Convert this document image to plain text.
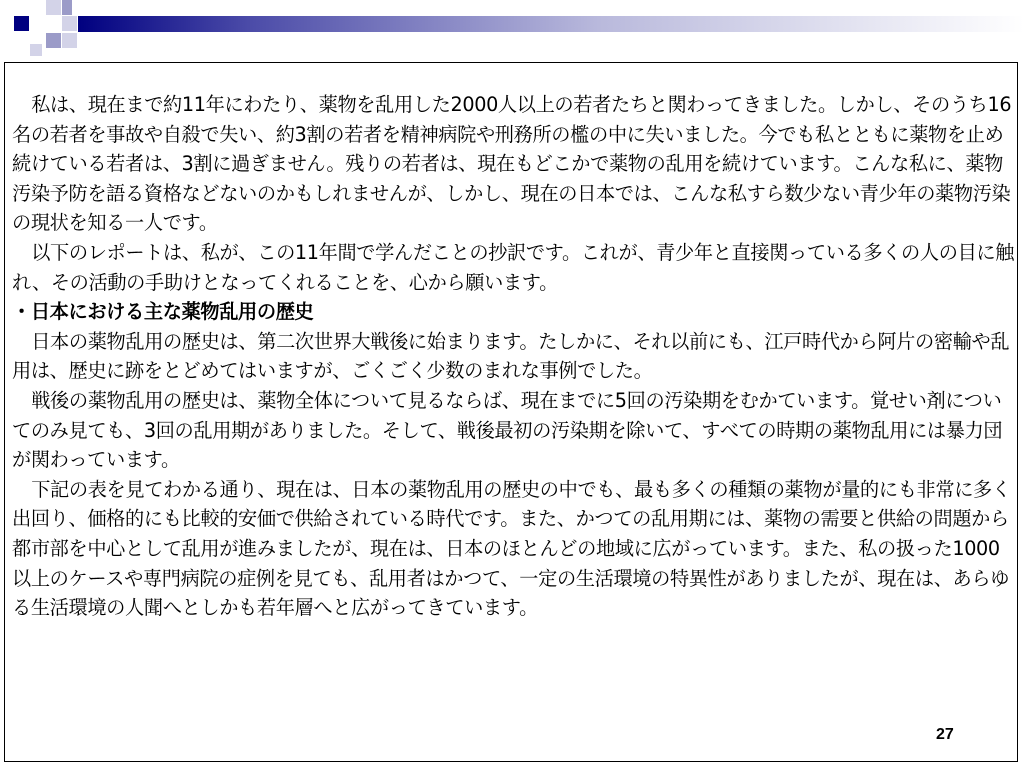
私は、現在まで約11年にわたり、薬物を乱用した2000人以上の若者たちと関わってきました。しかし、そのうち16名の若者を事故や自殺で失い、約3割の若者を精神病院や刑務所の檻の中に失いました。今でも私とともに薬物を止め続けている若者は、3割に過ぎません。残りの若者は、現在もどこかで薬物の乱用を続けています。こんな私に、薬物汚染予防を語る資格などないのかもしれませんが、しかし、現在の日本では、こんな私すら数少ない青少年の薬物汚染の現状を知る一人です。

以下のレポートは、私が、この11年間で学んだことの抄訳です。これが、青少年と直接関っている多くの人の目に触れ、その活動の手助けとなってくれることを、心から願います。

・日本における主な薬物乱用の歴史

日本の薬物乱用の歴史は、第二次世界大戦後に始まります。たしかに、それ以前にも、江戸時代から阿片の密輸や乱用は、歴史に跡をとどめてはいますが、ごくごく少数のまれな事例でした。

戦後の薬物乱用の歴史は、薬物全体について見るならば、現在までに5回の汚染期をむかています。覚せい剤についてのみ見ても、3回の乱用期がありました。そして、戦後最初の汚染期を除いて、すべての時期の薬物乱用には暴力団が関わっています。

下記の表を見てわかる通り、現在は、日本の薬物乱用の歴史の中でも、最も多くの種類の薬物が量的にも非常に多く出回り、価格的にも比較的安価で供給されている時代です。また、かつての乱用期には、薬物の需要と供給の問題から都市部を中心として乱用が進みましたが、現在は、日本のほとんどの地域に広がっています。また、私の扱った1000以上のケースや専門病院の症例を見ても、乱用者はかつて、一定の生活環境の特異性がありましたが、現在は、あらゆる生活環境の人聞へとしかも若年層へと広がってきています。

27
